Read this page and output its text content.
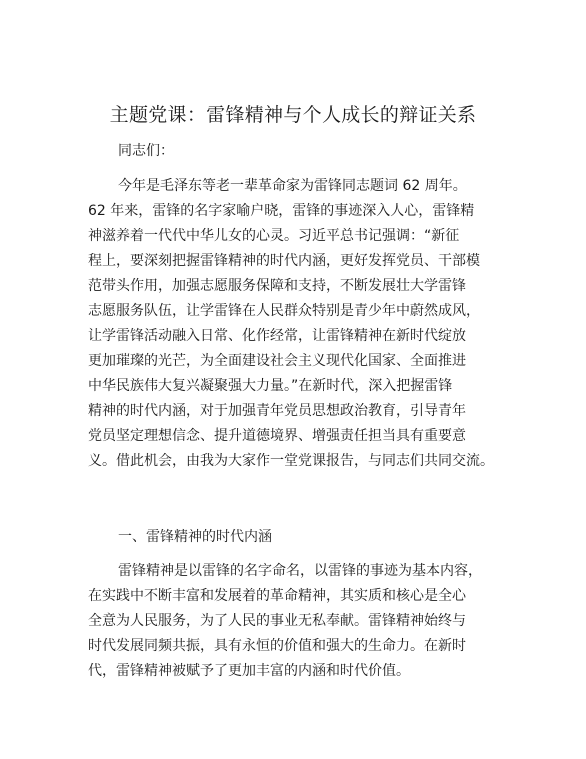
主题党课：雷锋精神与个人成长的辩证关系

同志们：

今年是毛泽东等老一辈革命家为雷锋同志题词 62 周年。

62 年来，雷锋的名字家喻户晓，雷锋的事迹深入人心，雷锋精

神滋养着一代代中华儿女的心灵。习近平总书记强调：“新征

程上，要深刻把握雷锋精神的时代内涵，更好发挥党员、干部模

范带头作用，加强志愿服务保障和支持，不断发展壮大学雷锋

志愿服务队伍，让学雷锋在人民群众特别是青少年中蔚然成风，

让学雷锋活动融入日常、化作经常，让雷锋精神在新时代绽放

更加璀璨的光芒，为全面建设社会主义现代化国家、全面推进

中华民族伟大复兴凝聚强大力量。”在新时代，深入把握雷锋

精神的时代内涵，对于加强青年党员思想政治教育，引导青年

党员坚定理想信念、提升道德境界、增强责任担当具有重要意

义。借此机会，由我为大家作一堂党课报告，与同志们共同交流。

一、雷锋精神的时代内涵

雷锋精神是以雷锋的名字命名，以雷锋的事迹为基本内容，

在实践中不断丰富和发展着的革命精神，其实质和核心是全心

全意为人民服务，为了人民的事业无私奉献。雷锋精神始终与

时代发展同频共振，具有永恒的价值和强大的生命力。在新时

代，雷锋精神被赋予了更加丰富的内涵和时代价值。
